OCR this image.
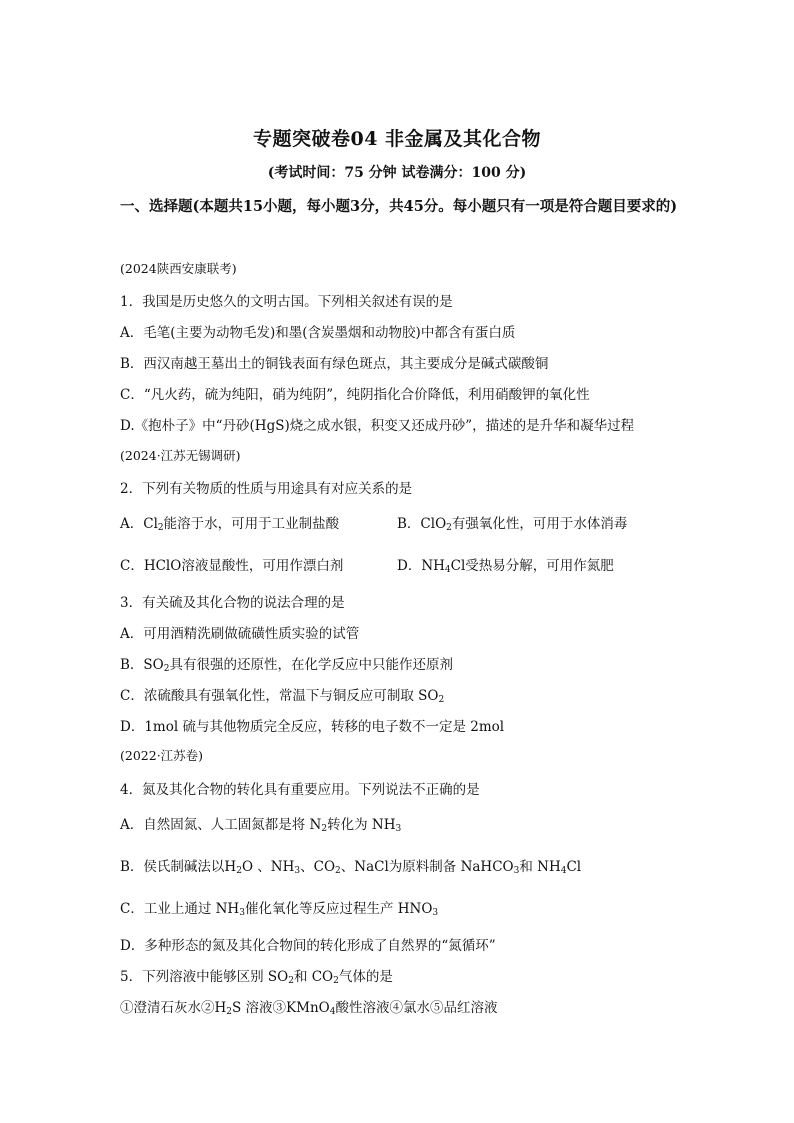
专题突破卷04 非金属及其化合物
(考试时间：75 分钟 试卷满分：100 分)
一、选择题(本题共15小题，每小题3分，共45分。每小题只有一项是符合题目要求的)
(2024陕西安康联考)
1．我国是历史悠久的文明古国。下列相关叙述有误的是
A．毛笔(主要为动物毛发)和墨(含炭墨烟和动物胶)中都含有蛋白质
B．西汉南越王墓出土的铜钱表面有绿色斑点，其主要成分是碱式碳酸铜
C．“凡火药，硫为纯阳，硝为纯阴”，纯阴指化合价降低，利用硝酸钾的氧化性
D.《抱朴子》中“丹砂(HgS)烧之成水银，积变又还成丹砂”，描述的是升华和凝华过程
(2024·江苏无锡调研)
2．下列有关物质的性质与用途具有对应关系的是
A．$Cl_2$能溶于水，可用于工业制盐酸	B．ClO$_2$有强氧化性，可用于水体消毒
C．HClO溶液显酸性，可用作漂白剂	D．$NH_4Cl$受热易分解，可用作氮肥
3．有关硫及其化合物的说法合理的是
A．可用酒精洗刷做硫磺性质实验的试管
B．$SO_2$具有很强的还原性，在化学反应中只能作还原剂
C．浓硫酸具有强氧化性，常温下与铜反应可制取 $SO_2$
D．1mol 硫与其他物质完全反应，转移的电子数不一定是 2mol
(2022·江苏卷)
4．氮及其化合物的转化具有重要应用。下列说法不正确的是
A．自然固氮、人工固氮都是将 $N_2$转化为 $NH_3$
B．侯氏制碱法以$H_2O$ 、$NH_3$、$CO_2$、NaCl为原料制备 NaHCO$_3$和 $NH_4Cl$
C．工业上通过 $NH_3$催化氧化等反应过程生产 $HNO_3$
D．多种形态的氮及其化合物间的转化形成了自然界的“氮循环”
5．下列溶液中能够区别 $SO_2$和 $CO_2$气体的是
①澄清石灰水$②H_2S$ 溶液③KMnO$_4$酸性溶液④氯水⑤品红溶液
